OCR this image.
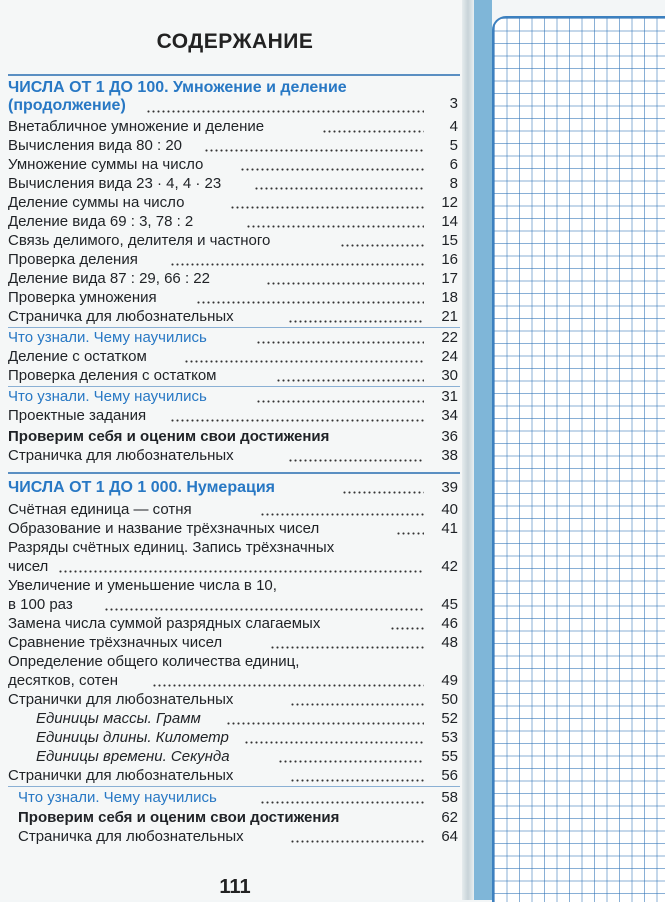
СОДЕРЖАНИЕ
ЧИСЛА ОТ 1 ДО 100. Умножение и деление
(продолжение)	3
Внетабличное умножение и деление	4
Вычисления вида 80 : 20	5
Умножение суммы на число	6
Вычисления вида 23 · 4, 4 · 23	8
Деление суммы на число	12
Деление вида 69 : 3, 78 : 2	14
Связь делимого, делителя и частного	15
Проверка деления	16
Деление вида 87 : 29, 66 : 22	17
Проверка умножения	18
Страничка для любознательных	21
Что узнали. Чему научились	22
Деление с остатком	24
Проверка деления с остатком	30
Что узнали. Чему научились	31
Проектные задания	34
Проверим себя и оценим свои достижения	36
Страничка для любознательных	38
ЧИСЛА ОТ 1 ДО 1 000. Нумерация	39
Счётная единица — сотня	40
Образование и название трёхзначных чисел	41
Разряды счётных единиц. Запись трёхзначных
чисел	42
Увеличение и уменьшение числа в 10,
в 100 раз	45
Замена числа суммой разрядных слагаемых	46
Сравнение трёхзначных чисел	48
Определение общего количества единиц,
десятков, сотен	49
Странички для любознательных	50
Единицы массы. Грамм	52
Единицы длины. Километр	53
Единицы времени. Секунда	55
Странички для любознательных	56
Что узнали. Чему научились	58
Проверим себя и оценим свои достижения	62
Страничка для любознательных	64
111
